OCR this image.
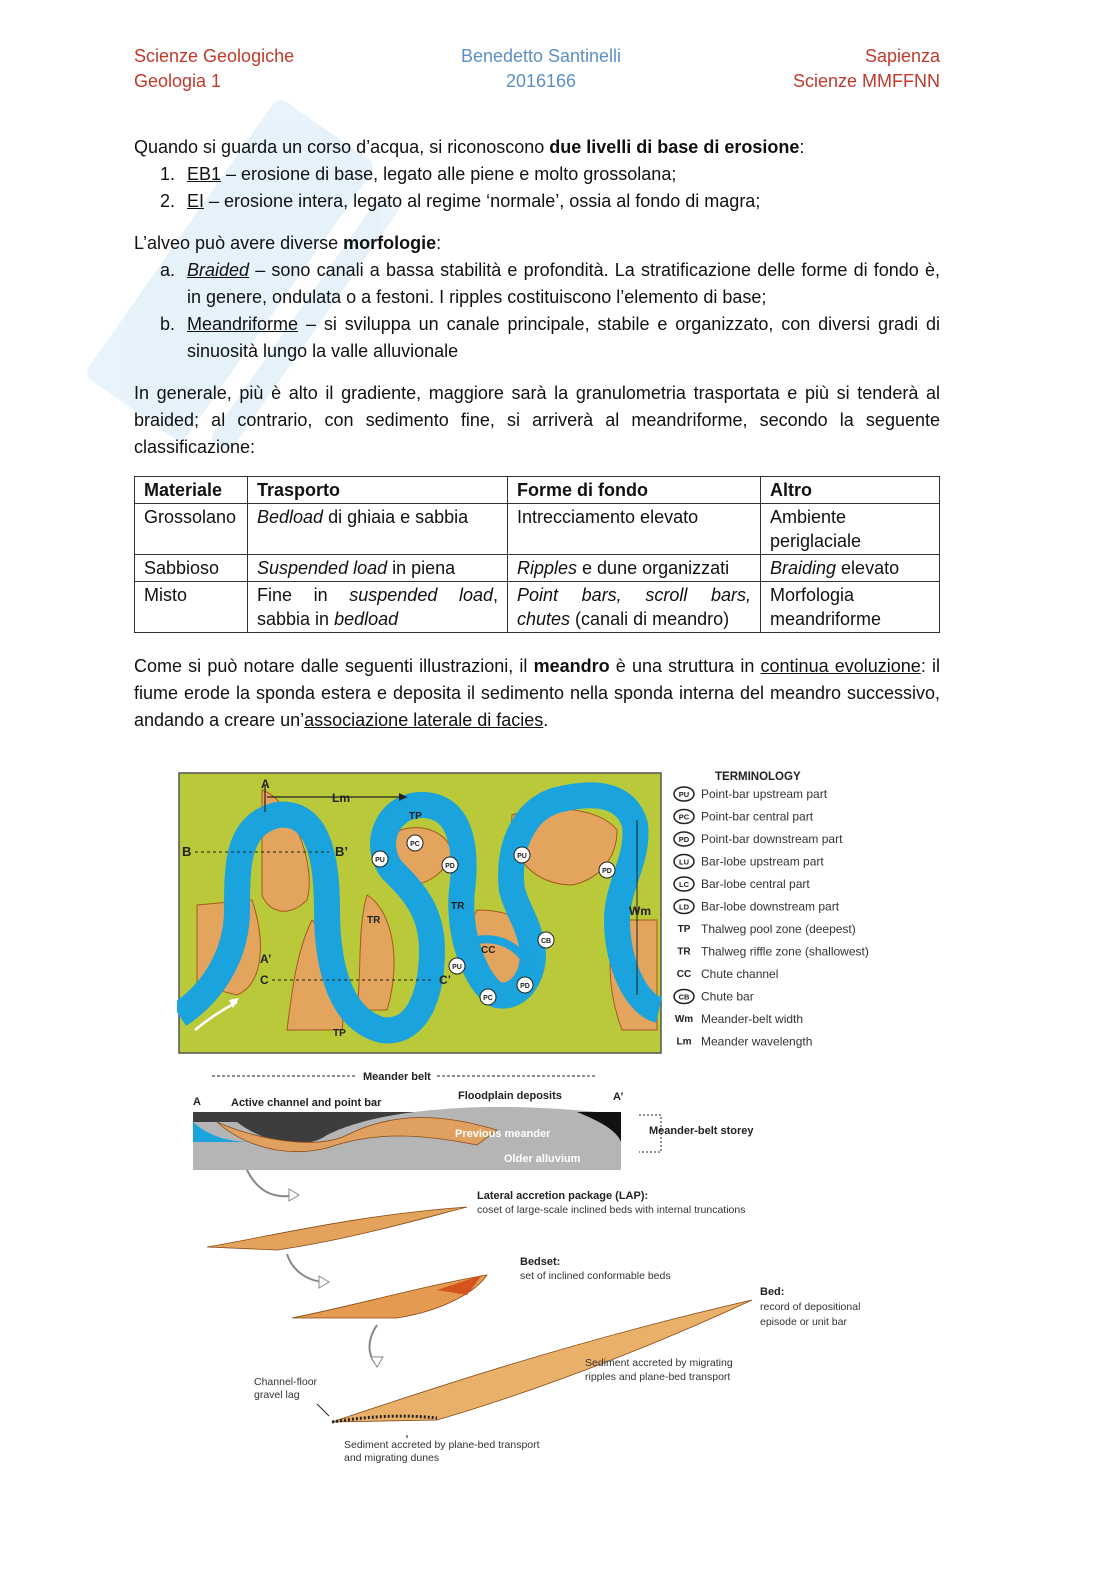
Scienze Geologiche
Geologia 1
Benedetto Santinelli
2016166
Sapienza
Scienze MMFFNN
Quando si guarda un corso d’acqua, si riconoscono due livelli di base di erosione:
1. EB1 – erosione di base, legato alle piene e molto grossolana;
2. EI – erosione intera, legato al regime ‘normale’, ossia al fondo di magra;
L’alveo può avere diverse morfologie:
a. Braided – sono canali a bassa stabilità e profondità. La stratificazione delle forme di fondo è, in genere, ondulata o a festoni. I ripples costituiscono l’elemento di base;
b. Meandriforme – si sviluppa un canale principale, stabile e organizzato, con diversi gradi di sinuosità lungo la valle alluvionale
In generale, più è alto il gradiente, maggiore sarà la granulometria trasportata e più si tenderà al braided; al contrario, con sedimento fine, si arriverà al meandriforme, secondo la seguente classificazione:
Materiale	Trasporto	Forme di fondo	Altro
Grossolano	Bedload di ghiaia e sabbia	Intrecciamento elevato	Ambiente periglaciale
Sabbioso	Suspended load in piena	Ripples e dune organizzati	Braiding elevato
Misto	Fine in suspended load, sabbia in bedload	Point bars, scroll bars, chutes (canali di meandro)	Morfologia meandriforme
Come si può notare dalle seguenti illustrazioni, il meandro è una struttura in continua evoluzione: il fiume erode la sponda estera e deposita il sedimento nella sponda interna del meandro successivo, andando a creare un’associazione laterale di facies.
A
Lm
B	B’
A’
C	C’
Wm
TP
TP
TR
TR
CC
PC
PU
PD
PU
PD
PU
PC
PD
CB
TERMINOLOGY
PU Point-bar upstream part
PC Point-bar central part
PD Point-bar downstream part
LU Bar-lobe upstream part
LC Bar-lobe central part
LD Bar-lobe downstream part
TP Thalweg pool zone (deepest)
TR Thalweg riffle zone (shallowest)
CC Chute channel
CB Chute bar
Wm Meander-belt width
Lm Meander wavelength
Meander belt
A	A’
Active channel and point bar
Floodplain deposits
Previous meander
Older alluvium
Meander-belt storey
Lateral accretion package (LAP):
coset of large-scale inclined beds with internal truncations
Bedset:
set of inclined conformable beds
Bed:
record of depositional
episode or unit bar
Sediment accreted by migrating
ripples and plane-bed transport
Channel-floor
gravel lag
Sediment accreted by plane-bed transport
and migrating dunes
